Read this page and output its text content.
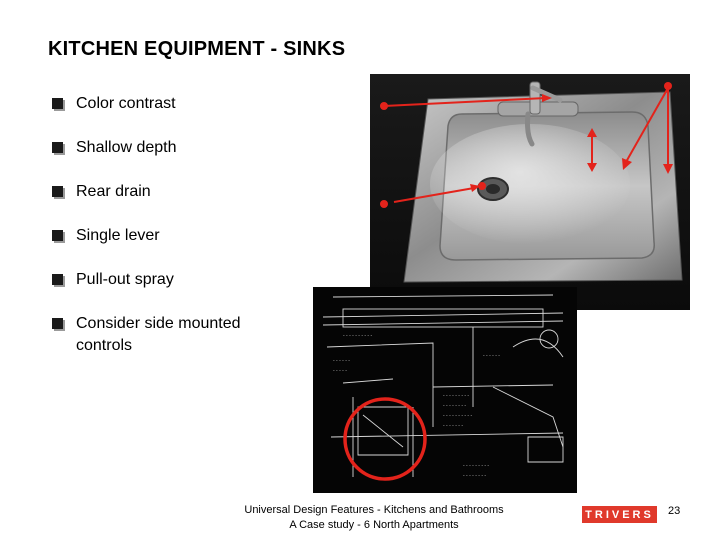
KITCHEN EQUIPMENT - SINKS
Color contrast
Shallow depth
Rear drain
Single lever
Pull-out spray
Consider side mounted
controls
- - - - - - - - - -
- - - - - - - - -
- - - - - - - -
- - - - - - - - - -
- - - - - - -
- - - - - -
- - - - -
- - - - - -
- - - - - - - - -
- - - - - - - -
Universal Design Features - Kitchens and Bathrooms
A Case study - 6 North Apartments
TRIVERS 23
